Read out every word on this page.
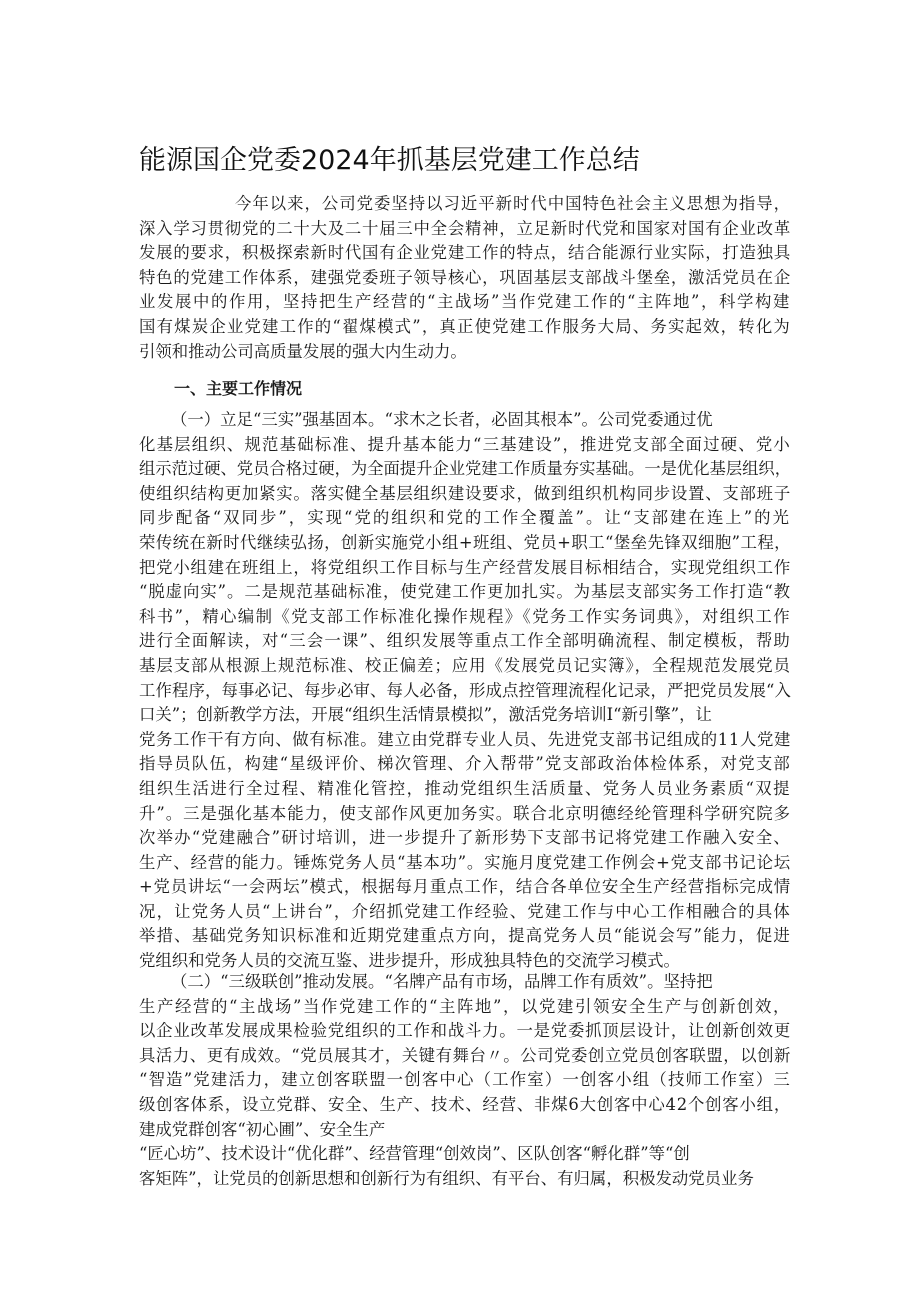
能源国企党委2024年抓基层党建工作总结
今年以来，公司党委坚持以习近平新时代中国特色社会主义思想为指导，
深入学习贯彻党的二十大及二十届三中全会精神，立足新时代党和国家对国有企业改革
发展的要求，积极探索新时代国有企业党建工作的特点，结合能源行业实际，打造独具
特色的党建工作体系，建强党委班子领导核心，巩固基层支部战斗堡垒，激活党员在企
业发展中的作用，坚持把生产经营的“主战场”当作党建工作的“主阵地”，科学构建
国有煤炭企业党建工作的“翟煤模式”，真正使党建工作服务大局、务实起效，转化为
引领和推动公司高质量发展的强大内生动力。
一、主要工作情况
（一）立足“三实”强基固本。“求木之长者，必固其根本”。公司党委通过优
化基层组织、规范基础标准、提升基本能力“三基建设”，推进党支部全面过硬、党小
组示范过硬、党员合格过硬，为全面提升企业党建工作质量夯实基础。一是优化基层组织，
使组织结构更加紧实。落实健全基层组织建设要求，做到组织机构同步设置、支部班子
同步配备“双同步”，实现“党的组织和党的工作全覆盖”。让“支部建在连上”的光
荣传统在新时代继续弘扬，创新实施党小组+班组、党员+职工“堡垒先锋双细胞”工程，
把党小组建在班组上，将党组织工作目标与生产经营发展目标相结合，实现党组织工作
“脱虚向实”。二是规范基础标准，使党建工作更加扎实。为基层支部实务工作打造“教
科书”，精心编制《党支部工作标准化操作规程》《党务工作实务词典》，对组织工作
进行全面解读，对“三会一课”、组织发展等重点工作全部明确流程、制定模板，帮助
基层支部从根源上规范标准、校正偏差；应用《发展党员记实簿》，全程规范发展党员
工作程序，每事必记、每步必审、每人必备，形成点控管理流程化记录，严把党员发展“入
口关”；创新教学方法，开展“组织生活情景模拟”，激活党务培训I“新引擎”，让
党务工作干有方向、做有标准。建立由党群专业人员、先进党支部书记组成的11人党建
指导员队伍，构建“星级评价、梯次管理、介入帮带”党支部政治体检体系，对党支部
组织生活进行全过程、精准化管控，推动党组织生活质量、党务人员业务素质“双提
升”。三是强化基本能力，使支部作风更加务实。联合北京明德经纶管理科学研究院多
次举办“党建融合”研讨培训，进一步提升了新形势下支部书记将党建工作融入安全、
生产、经营的能力。锤炼党务人员“基本功”。实施月度党建工作例会+党支部书记论坛
+党员讲坛“一会两坛”模式，根据每月重点工作，结合各单位安全生产经营指标完成情
况，让党务人员“上讲台”，介绍抓党建工作经验、党建工作与中心工作相融合的具体
举措、基础党务知识标准和近期党建重点方向，提高党务人员“能说会写”能力，促进
党组织和党务人员的交流互鉴、进步提升，形成独具特色的交流学习模式。
（二）“三级联创”推动发展。“名牌产品有市场，品牌工作有质效”。坚持把
生产经营的“主战场”当作党建工作的“主阵地”，以党建引领安全生产与创新创效，
以企业改革发展成果检验党组织的工作和战斗力。一是党委抓顶层设计，让创新创效更
具活力、更有成效。“党员展其才，关键有舞台〃。公司党委创立党员创客联盟，以创新
“智造”党建活力，建立创客联盟一创客中心（工作室）一创客小组（技师工作室）三
级创客体系，设立党群、安全、生产、技术、经营、非煤6大创客中心42个创客小组，
建成党群创客“初心圃”、安全生产
“匠心坊”、技术设计“优化群”、经营管理“创效岗”、区队创客“孵化群”等“创
客矩阵”，让党员的创新思想和创新行为有组织、有平台、有归属，积极发动党员业务
